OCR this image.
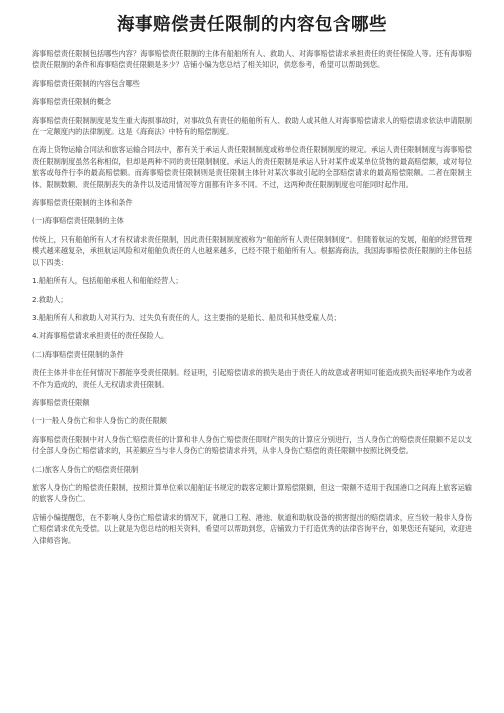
海事赔偿责任限制的内容包含哪些

海事赔偿责任限制包括哪些内容？海事赔偿责任限制的主体有船舶所有人、救助人、对海事赔偿请求承担责任的责任保险人等。还有海事赔偿责任限制的条件和海事赔偿责任限额是多少？店铺小编为您总结了相关知识，供您参考，希望可以帮助到您。

海事赔偿责任限制的内容包含哪些

海事赔偿责任限制的概念

海事赔偿责任限制制度是发生重大海损事故时，对事故负有责任的船舶所有人、救助人或其他人对海事赔偿请求人的赔偿请求依法申请限制在一定额度内的法律制度。这是《海商法》中特有的赔偿制度。

在海上货物运输合同法和旅客运输合同法中，都有关于承运人责任限制制度或称单位责任限制制度的规定。承运人责任限制制度与海事赔偿责任限制制度虽然名称相似，但却是两种不同的责任限制制度。承运人的责任限制是承运人针对某件或某单位货物的最高赔偿额，或对每位旅客或每件行李的最高赔偿额。而海事赔偿责任限制则是责任限制主体针对某次事故引起的全部赔偿请求的最高赔偿限额。二者在限制主体、限制数额、责任限制丧失的条件以及适用情况等方面都有许多不同。不过，这两种责任限制制度也可能同时起作用。

海事赔偿责任限制的主体和条件

(一)海事赔偿责任限制的主体

传统上，只有船舶所有人才有权请求责任限制，因此责任限制制度被称为“船舶所有人责任限制制度”。但随着航运的发展，船舶的经营管理模式越来越复杂，承担航运风险和对船舶负责任的人也越来越多，已经不限于船舶所有人。根据海商法，我国海事赔偿责任限制的主体包括以下四类：

1.船舶所有人，包括船舶承租人和船舶经营人；

2.救助人；

3.船舶所有人和救助人对其行为、过失负有责任的人，这主要指的是船长、船员和其他受雇人员；

4.对海事赔偿请求承担责任的责任保险人。

(二)海事赔偿责任限制的条件

责任主体并非在任何情况下都能享受责任限制。经证明，引起赔偿请求的损失是由于责任人的故意或者明知可能造成损失而轻率地作为或者不作为造成的，责任人无权请求责任限制。

海事赔偿责任限额

(一)一般人身伤亡和非人身伤亡的责任限额

海事赔偿责任限制中对人身伤亡赔偿责任的计算和非人身伤亡赔偿责任即财产损失的计算应分别进行，当人身伤亡的赔偿责任限额不足以支付全部人身伤亡赔偿请求的，其差额应当与非人身伤亡的赔偿请求并列，从非人身伤亡赔偿的责任限额中按照比例受偿。

(二)旅客人身伤亡的赔偿责任限制

旅客人身伤亡的赔偿责任限制，按照计算单位乘以船舶证书规定的载客定额计算赔偿限额，但这一限额不适用于我国港口之间海上旅客运输的旅客人身伤亡。

店铺小编提醒您，在不影响人身伤亡赔偿请求的情况下，就港口工程、港池、航道和助航设备的损害提出的赔偿请求，应当较一般非人身伤亡赔偿请求优先受偿。以上就是为您总结的相关资料，希望可以帮助到您，店铺致力于打造优秀的法律咨询平台，如果您还有疑问，欢迎进入律师咨询。
